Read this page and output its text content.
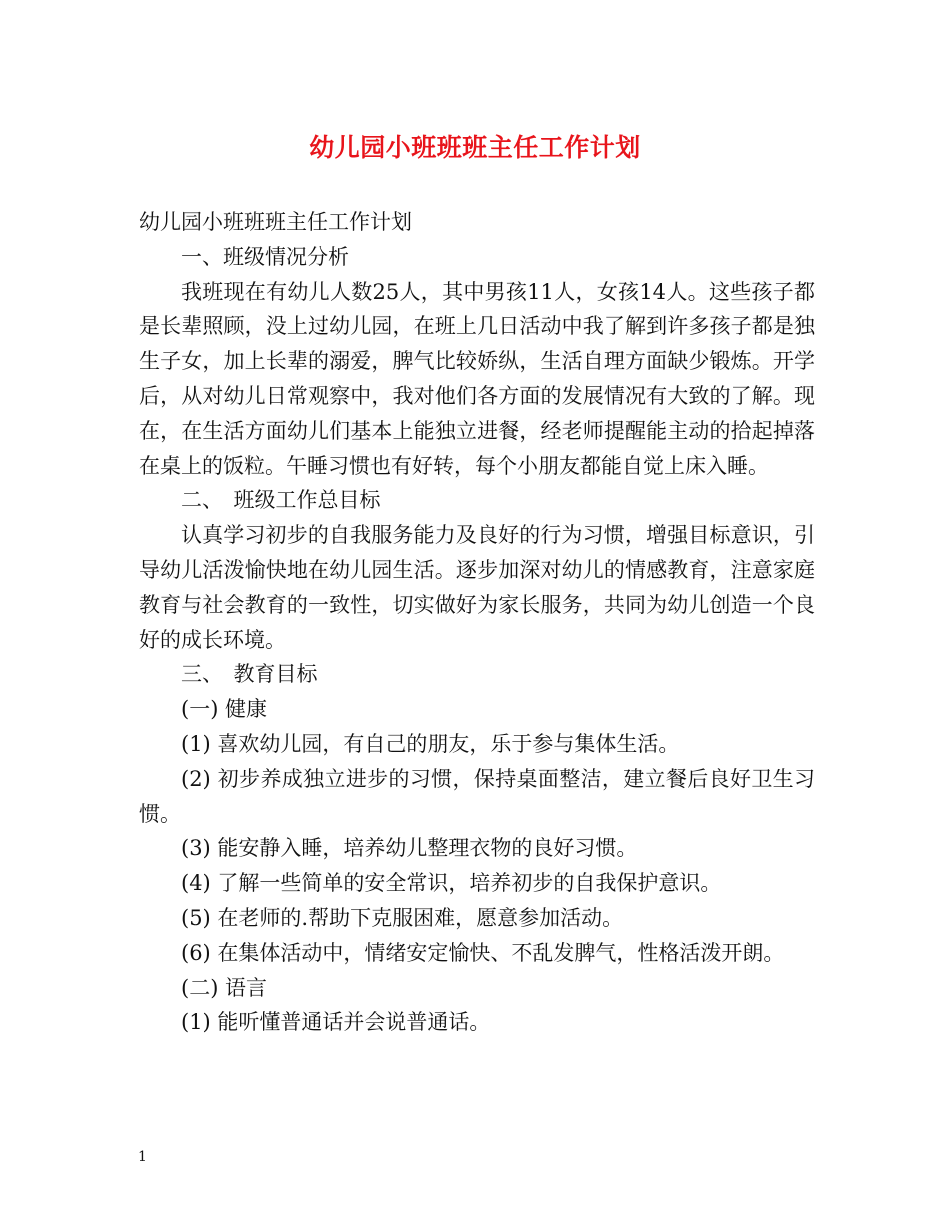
幼儿园小班班班主任工作计划

幼儿园小班班班主任工作计划

一、班级情况分析

我班现在有幼儿人数25人，其中男孩11人，女孩14人。这些孩子都是长辈照顾，没上过幼儿园，在班上几日活动中我了解到许多孩子都是独生子女，加上长辈的溺爱，脾气比较娇纵，生活自理方面缺少锻炼。开学后，从对幼儿日常观察中，我对他们各方面的发展情况有大致的了解。现在，在生活方面幼儿们基本上能独立进餐，经老师提醒能主动的拾起掉落在桌上的饭粒。午睡习惯也有好转，每个小朋友都能自觉上床入睡。

二、　班级工作总目标

认真学习初步的自我服务能力及良好的行为习惯，增强目标意识，引导幼儿活泼愉快地在幼儿园生活。逐步加深对幼儿的情感教育，注意家庭教育与社会教育的一致性，切实做好为家长服务，共同为幼儿创造一个良好的成长环境。

三、　教育目标

(一) 健康

(1) 喜欢幼儿园，有自己的朋友，乐于参与集体生活。

(2) 初步养成独立进步的习惯，保持桌面整洁，建立餐后良好卫生习惯。

(3) 能安静入睡，培养幼儿整理衣物的良好习惯。

(4) 了解一些简单的安全常识，培养初步的自我保护意识。

(5) 在老师的.帮助下克服困难，愿意参加活动。

(6) 在集体活动中，情绪安定愉快、不乱发脾气，性格活泼开朗。

(二) 语言

(1) 能听懂普通话并会说普通话。

1
